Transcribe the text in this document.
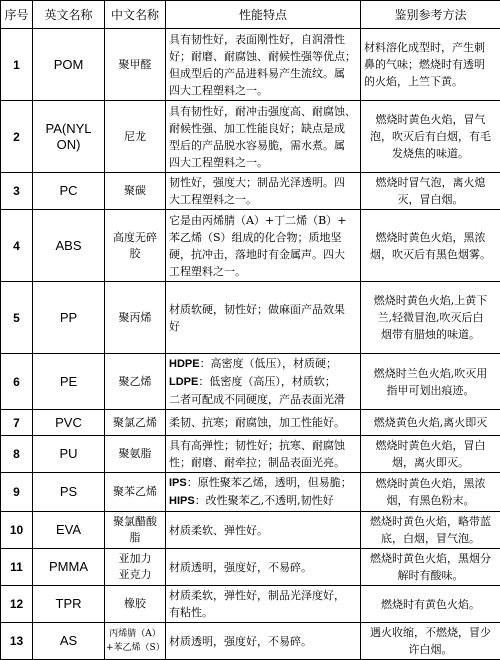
序号	英文名称	中文名称	性能特点	鉴别参考方法
1	POM	聚甲醛	具有韧性好，表面刚性好，自润滑性
好；耐磨、耐腐蚀、耐候性强等优点；
但成型后的产品进料易产生流纹。属
四大工程塑料之一。	材料溶化成型时，产生刺
鼻的气味；燃烧时有透明
的火焰，上竺下黄。

2	PA(NYL
ON)	尼龙	具有韧性好，耐冲击强度高、耐腐蚀、
耐候性强、加工性能良好；缺点是成
型后的产品脱水容易脆，需水煮。属
四大工程塑料之一。	燃烧时黄色火焰，冒气
泡，吹灭后有白烟，有毛
发烧焦的味道。

3	PC	聚碳	韧性好，强度大；制品光泽透明。四
大工程塑料之一。	燃烧时冒气泡，离火熄
灭，冒白烟。

4	ABS	高度无碎
胶	它是由丙烯腈（A）+丁二烯（B）+
苯乙烯（S）组成的化合物；质地坚
硬，抗冲击，落地时有金属声。四大
工程塑料之一。	燃烧时黄色火焰，黑浓
烟，吹灭后有黑色烟雾。

5	PP	聚丙烯	材质软硬，韧性好；做麻面产品效果
好	燃烧时黄色火焰,上黄下
兰,轻微冒泡,吹灭后白
烟带有腊烛的味道。

6	PE	聚乙烯	HDPE：高密度（低压），材质硬；
LDPE：低密度（高压），材质软；
二者可配成不同硬度，产品表面光滑	燃烧时兰色火焰,吹灭用
指甲可划出痕迹。

7	PVC	聚氯乙烯	柔韧、抗寒；耐腐蚀，加工性能好。	燃烧黄色火焰,离火即灭

8	PU	聚氨脂	具有高弹性；韧性好；抗寒、耐腐蚀
性；耐磨、耐牵拉；制品表面光亮。	燃烧时黄色火焰，冒白
烟，离火即灭。

9	PS	聚苯乙烯	IPS：原性聚苯乙烯，透明，但易脆；
HIPS：改性聚苯乙,不透明,韧性好	燃烧时黄色火焰，黑浓
烟，有黑色粉末。

10	EVA	聚氯醋酸
脂	材质柔软、弹性好。	燃烧时黄色火焰，略带蓝
底，白烟，冒气泡。

11	PMMA	亚加力
亚克力	材质透明，强度好，不易碎。	燃烧时黄色火焰，黑烟分
解时有酸味。

12	TPR	橡胶	材质柔软，弹性好，制品光泽度好，
有粘性。	燃烧时有黄色火焰。

13	AS	丙烯腈（A）
+苯乙烯（S）	材质透明，强度好，不易碎。	遇火收缩，不燃烧，冒少
许白烟。
